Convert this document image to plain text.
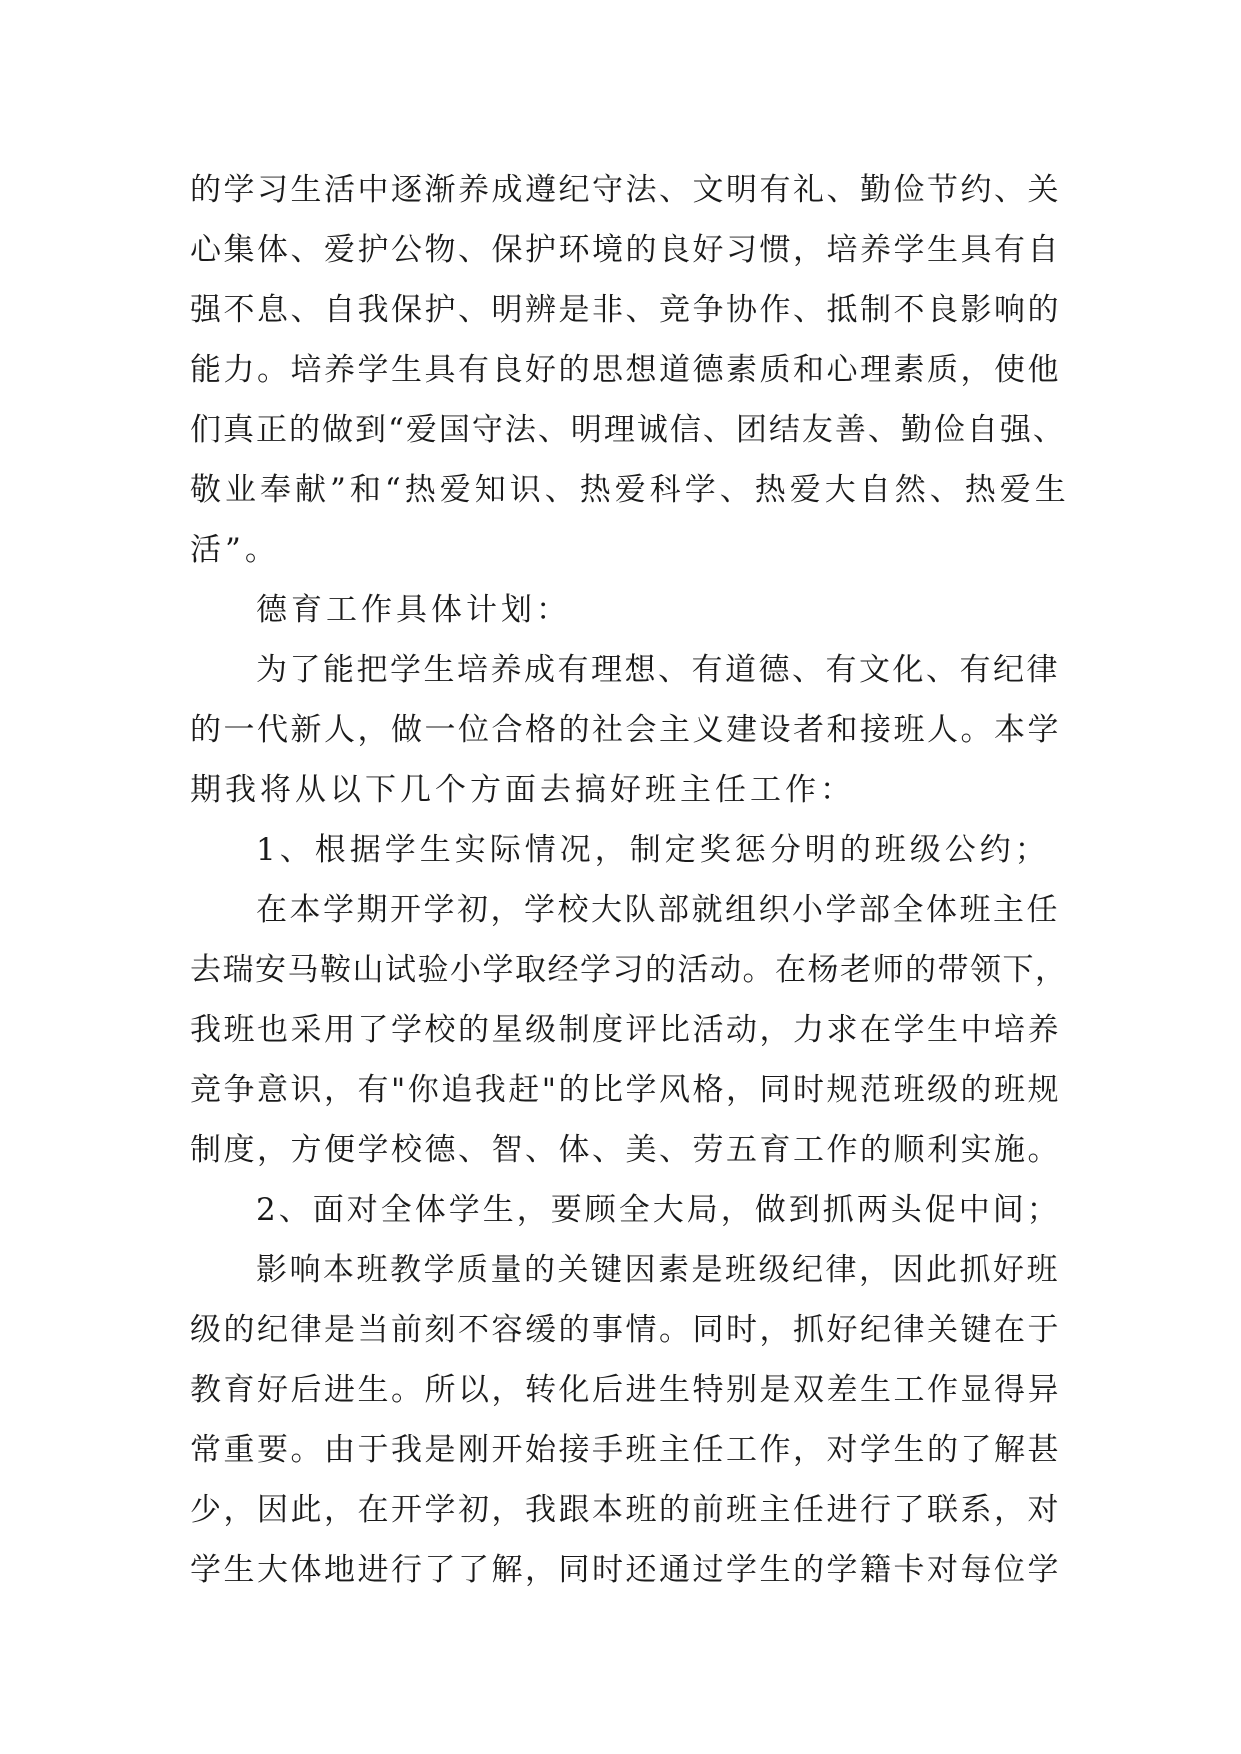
的学习生活中逐渐养成遵纪守法、文明有礼、勤俭节约、关
心集体、爱护公物、保护环境的良好习惯，培养学生具有自
强不息、自我保护、明辨是非、竞争协作、抵制不良影响的
能力。培养学生具有良好的思想道德素质和心理素质，使他
们真正的做到“爱国守法、明理诚信、团结友善、勤俭自强、
敬业奉献”和“热爱知识、热爱科学、热爱大自然、热爱生
活”。
德育工作具体计划：
为了能把学生培养成有理想、有道德、有文化、有纪律
的一代新人，做一位合格的社会主义建设者和接班人。本学
期我将从以下几个方面去搞好班主任工作：
1、根据学生实际情况，制定奖惩分明的班级公约；
在本学期开学初，学校大队部就组织小学部全体班主任
去瑞安马鞍山试验小学取经学习的活动。在杨老师的带领下，
我班也采用了学校的星级制度评比活动，力求在学生中培养
竞争意识，有"你追我赶"的比学风格，同时规范班级的班规
制度，方便学校德、智、体、美、劳五育工作的顺利实施。
2、面对全体学生，要顾全大局，做到抓两头促中间；
影响本班教学质量的关键因素是班级纪律，因此抓好班
级的纪律是当前刻不容缓的事情。同时，抓好纪律关键在于
教育好后进生。所以，转化后进生特别是双差生工作显得异
常重要。由于我是刚开始接手班主任工作，对学生的了解甚
少，因此，在开学初，我跟本班的前班主任进行了联系，对
学生大体地进行了了解，同时还通过学生的学籍卡对每位学
